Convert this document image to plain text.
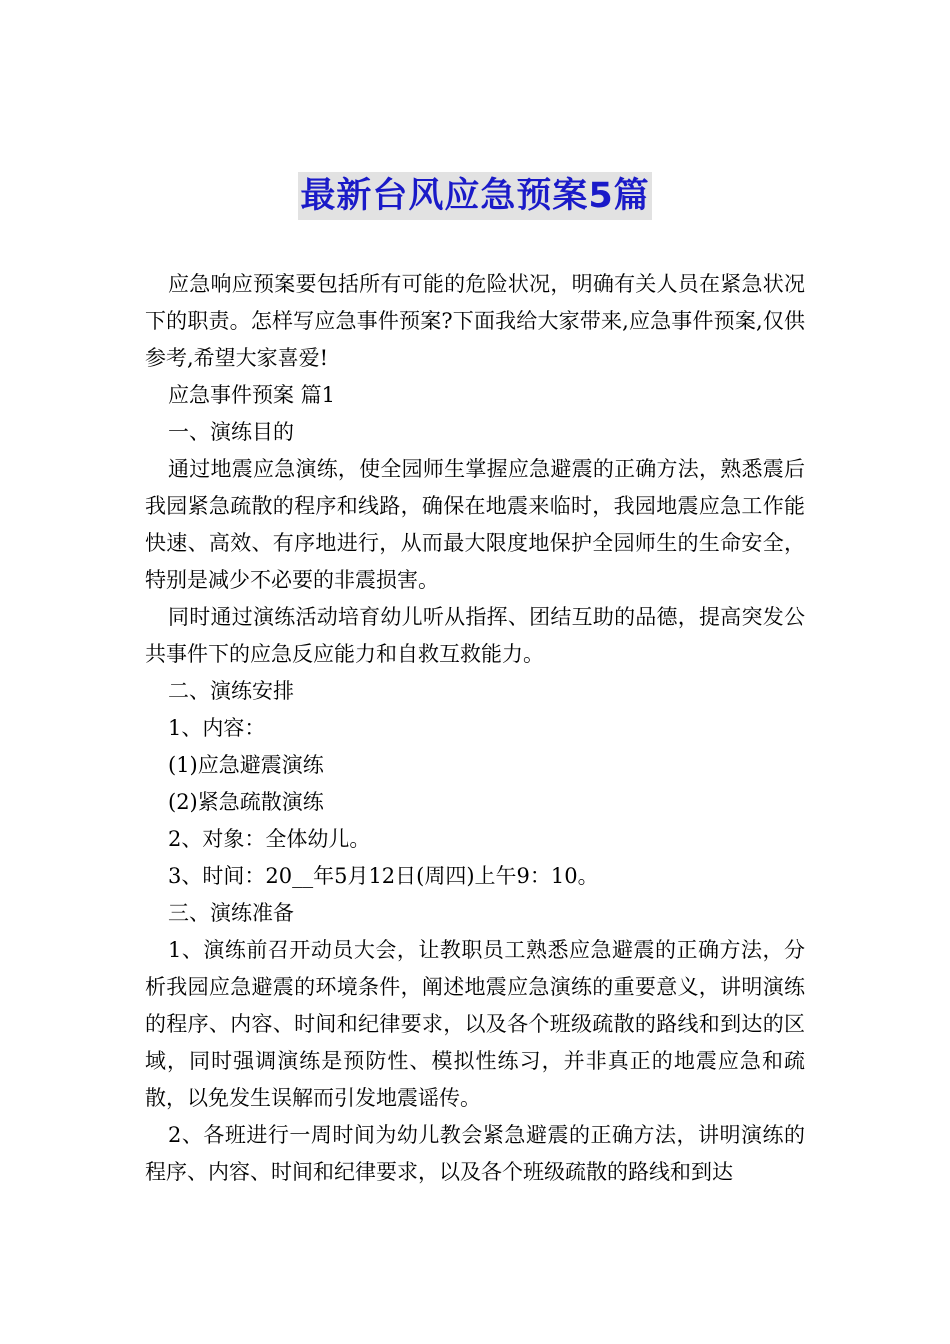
最新台风应急预案5篇

应急响应预案要包括所有可能的危险状况，明确有关人员在紧急状况下的职责。怎样写应急事件预案?下面我给大家带来,应急事件预案,仅供参考,希望大家喜爱!

应急事件预案 篇1

一、演练目的

通过地震应急演练，使全园师生掌握应急避震的正确方法，熟悉震后我园紧急疏散的程序和线路，确保在地震来临时，我园地震应急工作能快速、高效、有序地进行，从而最大限度地保护全园师生的生命安全，特别是减少不必要的非震损害。

同时通过演练活动培育幼儿听从指挥、团结互助的品德，提高突发公共事件下的应急反应能力和自救互救能力。

二、演练安排

1、内容：

(1)应急避震演练

(2)紧急疏散演练

2、对象：全体幼儿。

3、时间：20__年5月12日(周四)上午9：10。

三、演练准备

1、演练前召开动员大会，让教职员工熟悉应急避震的正确方法，分析我园应急避震的环境条件，阐述地震应急演练的重要意义，讲明演练的程序、内容、时间和纪律要求，以及各个班级疏散的路线和到达的区域，同时强调演练是预防性、模拟性练习，并非真正的地震应急和疏散，以免发生误解而引发地震谣传。

2、各班进行一周时间为幼儿教会紧急避震的正确方法，讲明演练的程序、内容、时间和纪律要求，以及各个班级疏散的路线和到达
